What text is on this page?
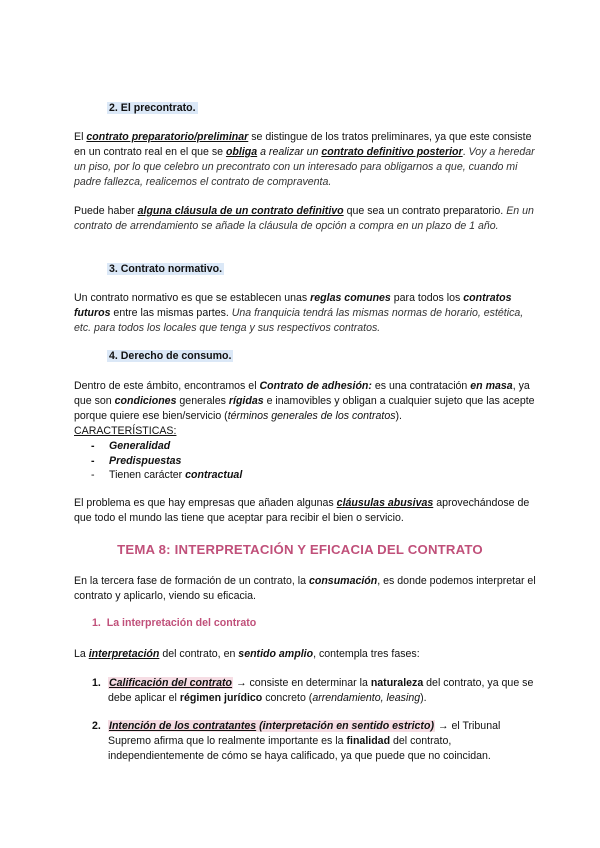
2. El precontrato.
El contrato preparatorio/preliminar se distingue de los tratos preliminares, ya que este consiste en un contrato real en el que se obliga a realizar un contrato definitivo posterior. Voy a heredar un piso, por lo que celebro un precontrato con un interesado para obligarnos a que, cuando mi padre fallezca, realicemos el contrato de compraventa.
Puede haber alguna cláusula de un contrato definitivo que sea un contrato preparatorio. En un contrato de arrendamiento se añade la cláusula de opción a compra en un plazo de 1 año.
3. Contrato normativo.
Un contrato normativo es que se establecen unas reglas comunes para todos los contratos futuros entre las mismas partes. Una franquicia tendrá las mismas normas de horario, estética, etc. para todos los locales que tenga y sus respectivos contratos.
4. Derecho de consumo.
Dentro de este ámbito, encontramos el Contrato de adhesión: es una contratación en masa, ya que son condiciones generales rígidas e inamovibles y obligan a cualquier sujeto que las acepte porque quiere ese bien/servicio (términos generales de los contratos).
CARACTERÍSTICAS:
- Generalidad
- Predispuestas
- Tienen carácter contractual
El problema es que hay empresas que añaden algunas cláusulas abusivas aprovechándose de que todo el mundo las tiene que aceptar para recibir el bien o servicio.
TEMA 8: INTERPRETACIÓN Y EFICACIA DEL CONTRATO
En la tercera fase de formación de un contrato, la consumación, es donde podemos interpretar el contrato y aplicarlo, viendo su eficacia.
1. La interpretación del contrato
La interpretación del contrato, en sentido amplio, contempla tres fases:
1. Calificación del contrato → consiste en determinar la naturaleza del contrato, ya que se debe aplicar el régimen jurídico concreto (arrendamiento, leasing).
2. Intención de los contratantes (interpretación en sentido estricto) → el Tribunal Supremo afirma que lo realmente importante es la finalidad del contrato, independientemente de cómo se haya calificado, ya que puede que no coincidan.
